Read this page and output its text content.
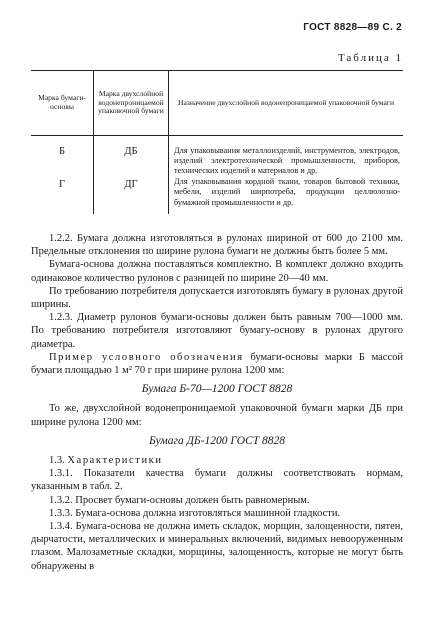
ГОСТ 8828—89 С. 2
Таблица 1
Марка бумаги-основы	Марка двухслойной водонепроницаемой упаковочной бумаги	Назначение двухслойной водонепроницаемой упаковочной бумаги
Б	ДБ	Для упаковывания металлоизделий, инструментов, электродов, изделий электротехнической промышленности, приборов, технических изделий и материалов и др.
Г	ДГ	Для упаковывания кордной ткани, товаров бытовой техники, мебели, изделий ширпотреба, продукции целлюлозно-бумажной промышленности и др.

1.2.2. Бумага должна изготовляться в рулонах шириной от 600 до 2100 мм. Предельные отклонения по ширине рулона бумаги не должны быть более 5 мм.

Бумага-основа должна поставляться комплектно. В комплект должно входить одинаковое количество рулонов с разницей по ширине 20—40 мм.

По требованию потребителя допускается изготовлять бумагу в рулонах другой ширины.

1.2.3. Диаметр рулонов бумаги-основы должен быть равным 700—1000 мм. По требованию потребителя изготовляют бумагу-основу в рулонах другого диаметра.

Пример условного обозначения бумаги-основы марки Б массой бумаги площадью 1 м² 70 г при ширине рулона 1200 мм:

Бумага Б-70—1200 ГОСТ 8828

То же, двухслойной водонепроницаемой упаковочной бумаги марки ДБ при ширине рулона 1200 мм:

Бумага ДБ-1200 ГОСТ 8828

1.3. Характеристики

1.3.1. Показатели качества бумаги должны соответствовать нормам, указанным в табл. 2.

1.3.2. Просвет бумаги-основы должен быть равномерным.

1.3.3. Бумага-основа должна изготовляться машинной гладкости.

1.3.4. Бумага-основа не должна иметь складок, морщин, залощенности, пятен, дырчатости, металлических и минеральных включений, видимых невооруженным глазом. Малозаметные складки, морщины, залощенность, которые не могут быть обнаружены в
